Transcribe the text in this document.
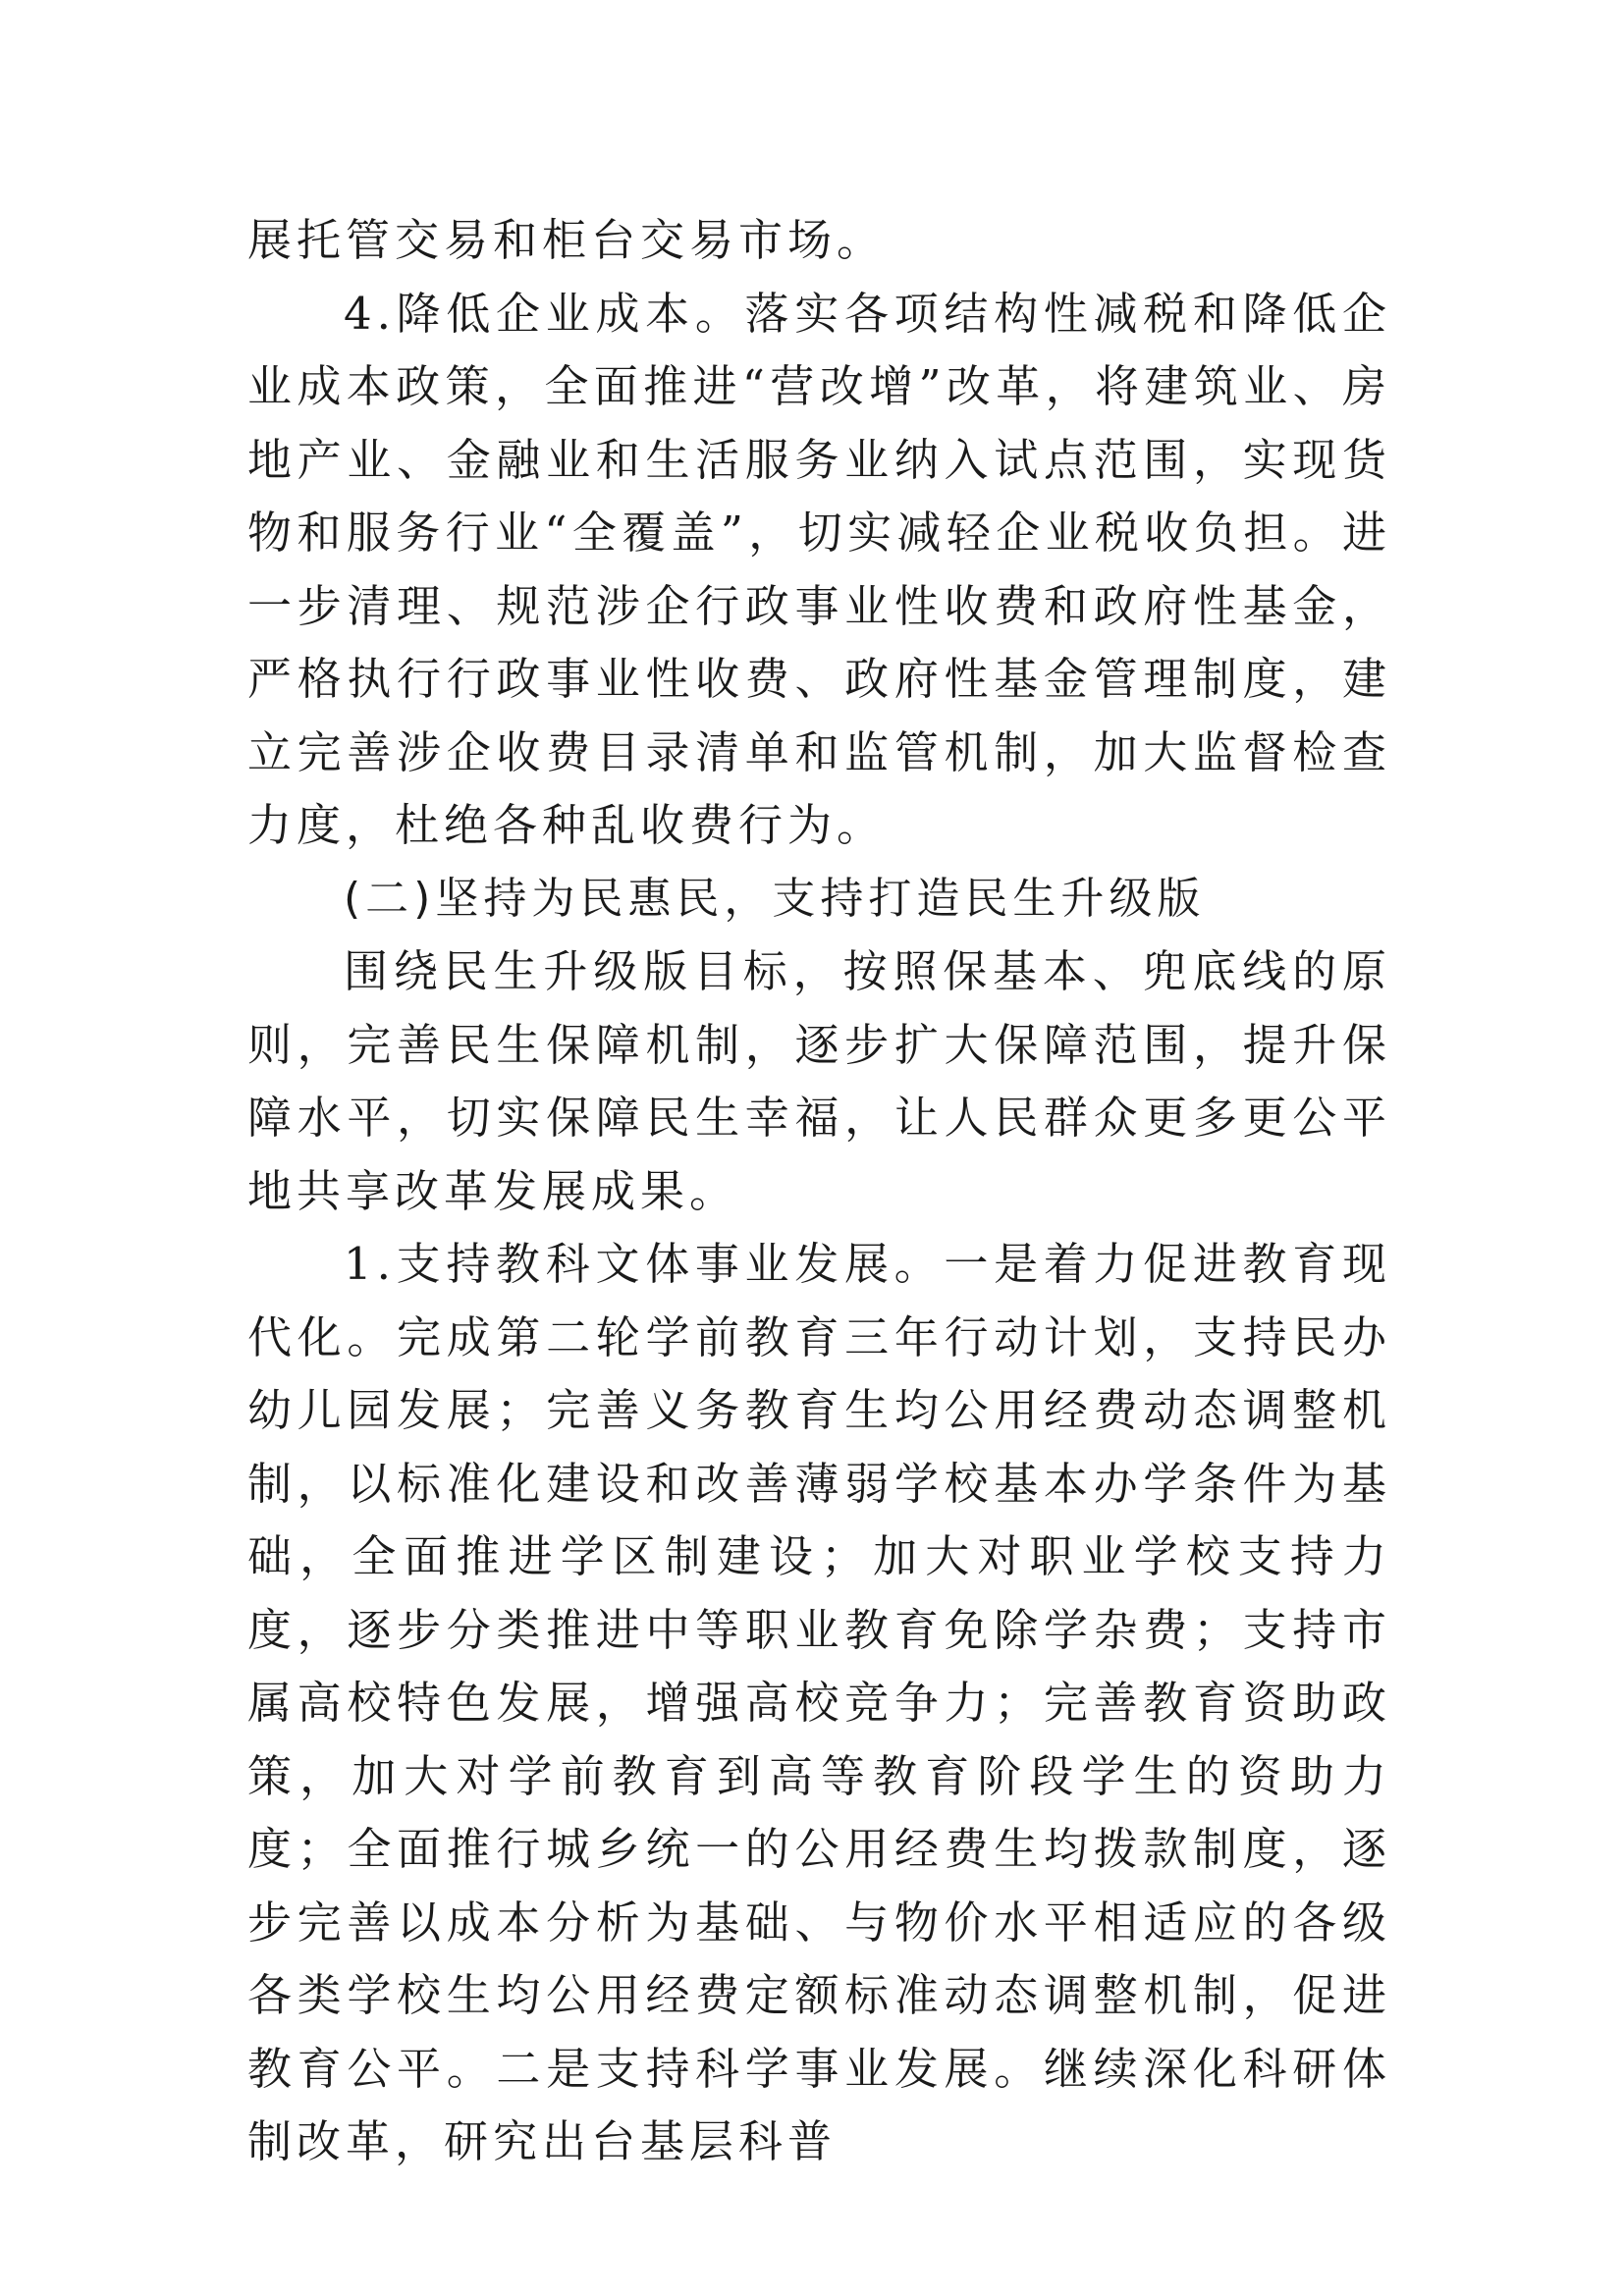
展托管交易和柜台交易市场。

4.降低企业成本。落实各项结构性减税和降低企业成本政策，全面推进“营改增”改革，将建筑业、房地产业、金融业和生活服务业纳入试点范围，实现货物和服务行业“全覆盖”，切实减轻企业税收负担。进一步清理、规范涉企行政事业性收费和政府性基金，严格执行行政事业性收费、政府性基金管理制度，建立完善涉企收费目录清单和监管机制，加大监督检查力度，杜绝各种乱收费行为。

(二)坚持为民惠民，支持打造民生升级版

围绕民生升级版目标，按照保基本、兜底线的原则，完善民生保障机制，逐步扩大保障范围，提升保障水平，切实保障民生幸福，让人民群众更多更公平地共享改革发展成果。

1.支持教科文体事业发展。一是着力促进教育现代化。完成第二轮学前教育三年行动计划，支持民办幼儿园发展；完善义务教育生均公用经费动态调整机制，以标准化建设和改善薄弱学校基本办学条件为基础，全面推进学区制建设；加大对职业学校支持力度，逐步分类推进中等职业教育免除学杂费；支持市属高校特色发展，增强高校竞争力；完善教育资助政策，加大对学前教育到高等教育阶段学生的资助力度；全面推行城乡统一的公用经费生均拨款制度，逐步完善以成本分析为基础、与物价水平相适应的各级各类学校生均公用经费定额标准动态调整机制，促进教育公平。二是支持科学事业发展。继续深化科研体制改革，研究出台基层科普
